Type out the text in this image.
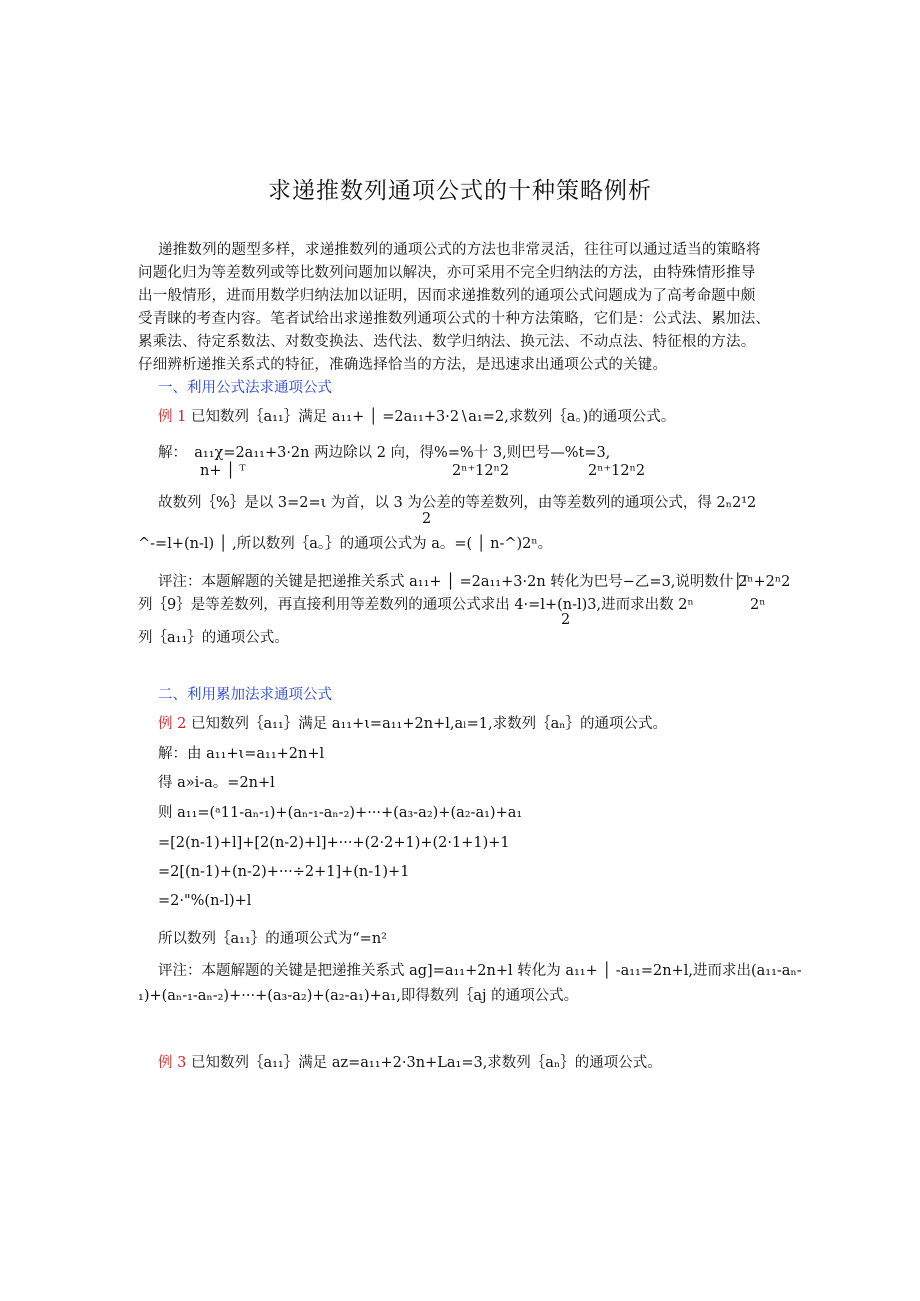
求递推数列通项公式的十种策略例析
递推数列的题型多样，求递推数列的通项公式的方法也非常灵活，往往可以通过适当的策略将
问题化归为等差数列或等比数列问题加以解决，亦可采用不完全归纳法的方法，由特殊情形推导
出一般情形，进而用数学归纳法加以证明，因而求递推数列的通项公式问题成为了高考命题中颇
受青睐的考查内容。笔者试给出求递推数列通项公式的十种方法策略，它们是：公式法、累加法、
累乘法、待定系数法、对数变换法、迭代法、数学归纳法、换元法、不动点法、特征根的方法。
仔细辨析递推关系式的特征，准确选择恰当的方法，是迅速求出通项公式的关键。
一、利用公式法求通项公式
例 1 已知数列｛a₁₁｝满足 a₁₁+ │ =2a₁₁+3·2∖a₁=2,求数列｛a。)的通项公式。
解：　a₁₁χ=2a₁₁+3·2n 两边除以 2 向，得%=%十 3,则巴号—%t=3,
n+ │ ᵀ	2ⁿ⁺12ⁿ2	2ⁿ⁺12ⁿ2
故数列｛%｝是以 3=2=ι 为首，以 3 为公差的等差数列，由等差数列的通项公式，得 2ₙ2¹2
2
^-=l+(n-l) │ ,所以数列｛a。｝的通项公式为 a。=( │ n-^)2ⁿ。
评注：本题解题的关键是把递推关系式 a₁₁+ │ =2a₁₁+3·2n 转化为巴号−乙=3,说明数什│ᵀ
2ⁿ+2ⁿ2
列｛9｝是等差数列，再直接利用等差数列的通项公式求出 4·=l+(n-l)3,进而求出数 2ⁿ	2ⁿ
2
列｛a₁₁｝的通项公式。
二、利用累加法求通项公式
例 2 已知数列｛a₁₁｝满足 a₁₁+ι=a₁₁+2n+l,aₗ=1,求数列｛aₙ｝的通项公式。
解：由 a₁₁+ι=a₁₁+2n+l
得 a»i-a。=2n+l
则 a₁₁=(ᵃ11-aₙ-₁)+(aₙ-₁-aₙ-₂)+···+(a₃-a₂)+(a₂-a₁)+a₁
=[2(n-1)+l]+[2(n-2)+l]+···+(2·2+1)+(2·1+1)+1
=2[(n-1)+(n-2)+···÷2+1]+(n-1)+1
=2·"%(n-l)+l
所以数列｛a₁₁｝的通项公式为“=n²
评注：本题解题的关键是把递推关系式 ag]=a₁₁+2n+l 转化为 a₁₁+ │ -a₁₁=2n+l,进而求出(a₁₁-aₙ-
₁)+(aₙ-₁-aₙ-₂)+···+(a₃-a₂)+(a₂-a₁)+a₁,即得数列｛aj 的通项公式。
例 3 已知数列｛a₁₁｝满足 az=a₁₁+2·3n+La₁=3,求数列｛aₙ｝的通项公式。
